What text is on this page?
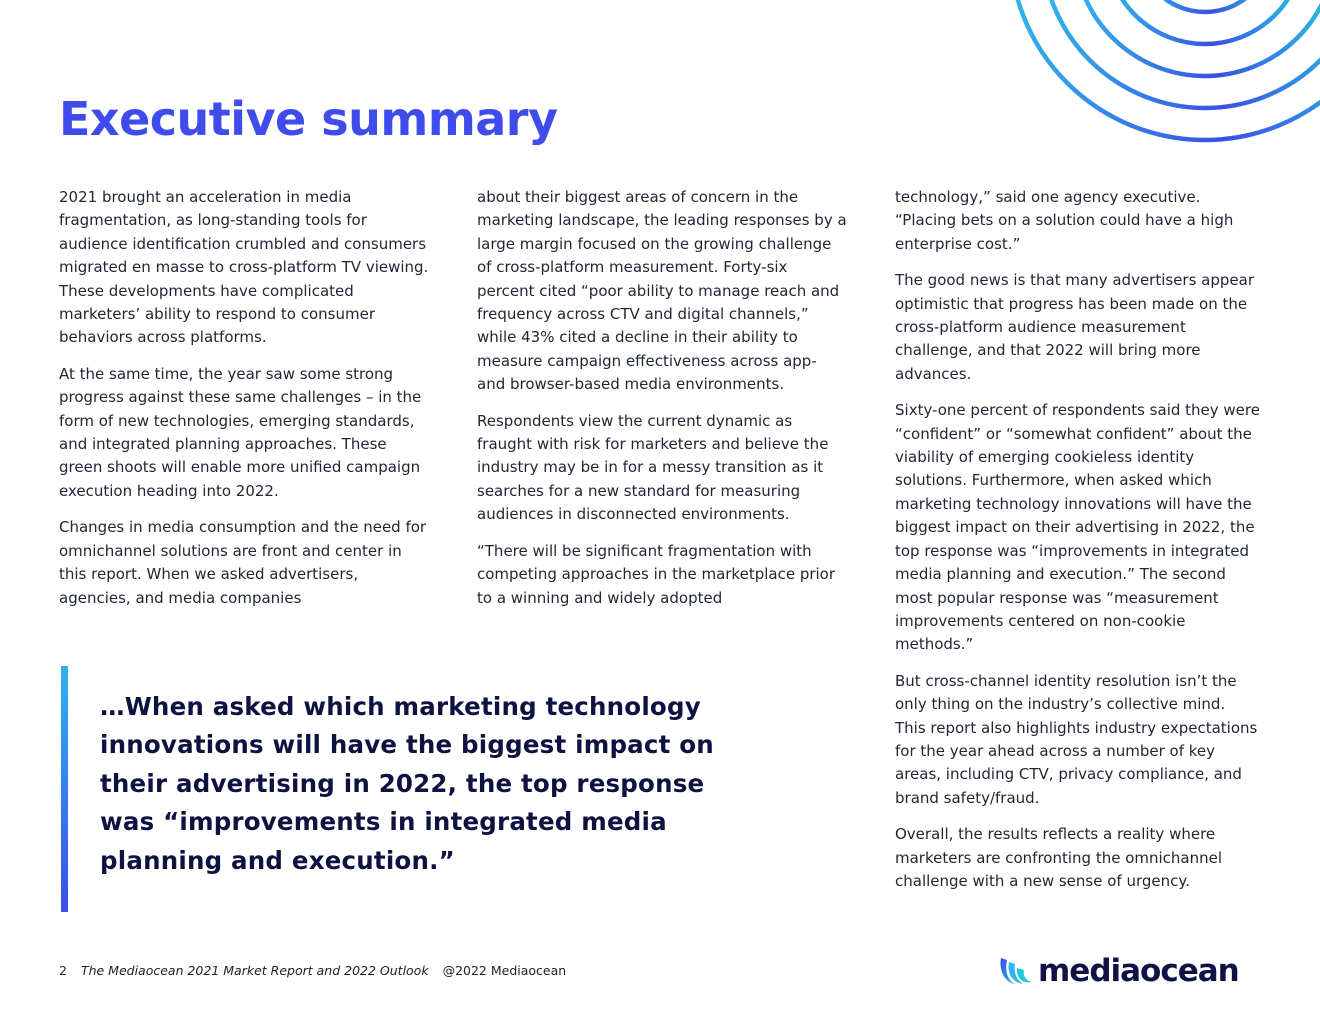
Executive summary

2021 brought an acceleration in media fragmentation, as long-standing tools for audience identification crumbled and consumers migrated en masse to cross-platform TV viewing. These developments have complicated marketers’ ability to respond to consumer behaviors across platforms.

At the same time, the year saw some strong progress against these same challenges – in the form of new technologies, emerging standards, and integrated planning approaches. These green shoots will enable more unified campaign execution heading into 2022.

Changes in media consumption and the need for omnichannel solutions are front and center in this report. When we asked advertisers, agencies, and media companies

about their biggest areas of concern in the marketing landscape, the leading responses by a large margin focused on the growing challenge of cross-platform measurement. Forty-six percent cited “poor ability to manage reach and frequency across CTV and digital channels,” while 43% cited a decline in their ability to measure campaign effectiveness across app- and browser-based media environments.

Respondents view the current dynamic as fraught with risk for marketers and believe the industry may be in for a messy transition as it searches for a new standard for measuring audiences in disconnected environments.

“There will be significant fragmentation with competing approaches in the marketplace prior to a winning and widely adopted

technology,” said one agency executive. “Placing bets on a solution could have a high enterprise cost.”

The good news is that many advertisers appear optimistic that progress has been made on the cross-platform audience measurement challenge, and that 2022 will bring more advances.

Sixty-one percent of respondents said they were “confident” or “somewhat confident” about the viability of emerging cookieless identity solutions. Furthermore, when asked which marketing technology innovations will have the biggest impact on their advertising in 2022, the top response was “improvements in integrated media planning and execution.” The second most popular response was “measurement improvements centered on non-cookie methods.”

But cross-channel identity resolution isn’t the only thing on the industry’s collective mind. This report also highlights industry expectations for the year ahead across a number of key areas, including CTV, privacy compliance, and brand safety/fraud.

Overall, the results reflects a reality where marketers are confronting the omnichannel challenge with a new sense of urgency.

…When asked which marketing technology innovations will have the biggest impact on their advertising in 2022, the top response was “improvements in integrated media planning and execution.”

2 The Mediaocean 2021 Market Report and 2022 Outlook @2022 Mediaocean	mediaocean
